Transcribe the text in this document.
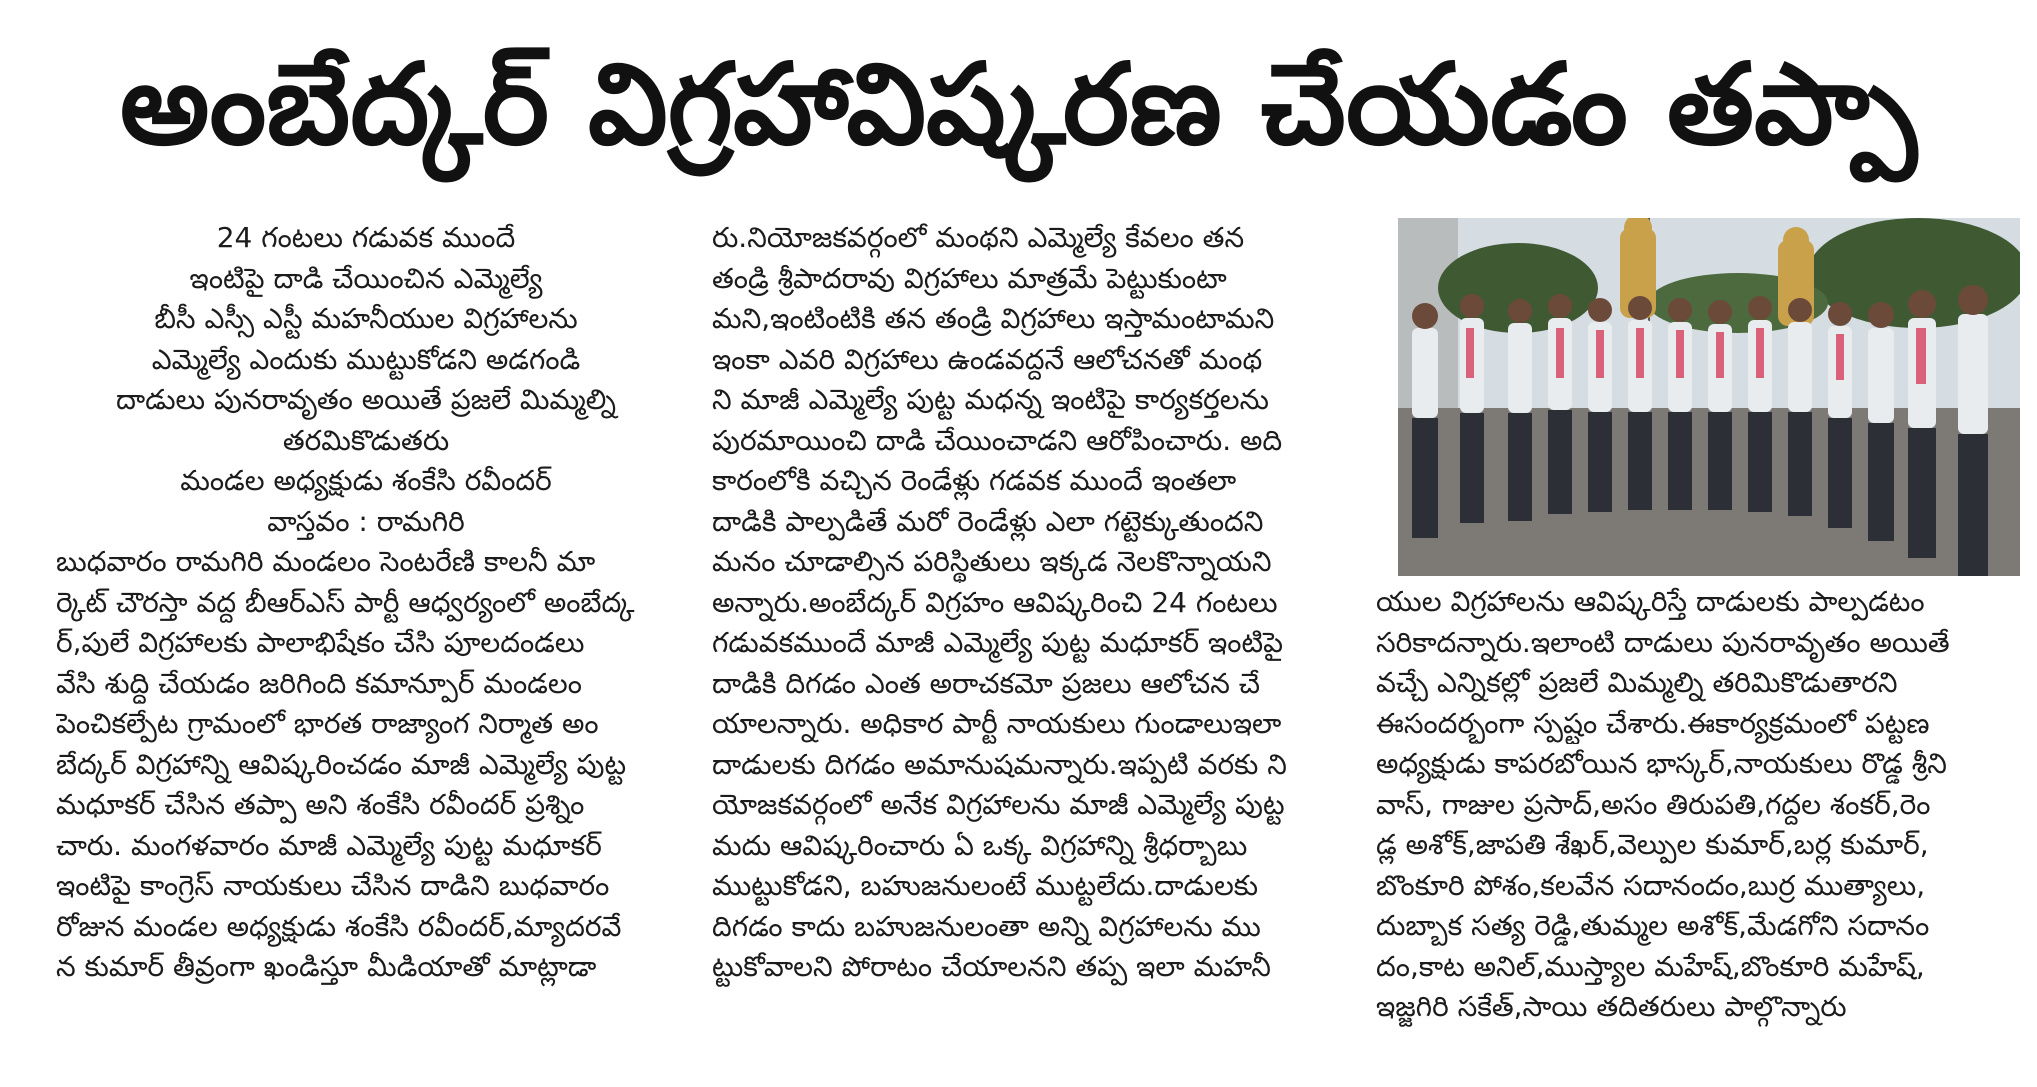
అంబేద్కర్ విగ్రహావిష్కరణ చేయడం తప్పా
24 గంటలు గడువక ముందే
ఇంటిపై దాడి చేయించిన ఎమ్మెల్యే
బీసీ ఎస్సీ ఎస్టీ మహనీయుల విగ్రహాలను
ఎమ్మెల్యే ఎందుకు ముట్టుకోడని అడగండి
దాడులు పునరావృతం అయితే ప్రజలే మిమ్మల్ని
తరమికొడుతరు
మండల అధ్యక్షుడు శంకేసి రవీందర్
వాస్తవం : రామగిరి
బుధవారం రామగిరి మండలం సెంటరేణి కాలనీ మా
ర్కెట్ చౌరస్తా వద్ద బీఆర్ఎస్ పార్టీ ఆధ్వర్యంలో అంబేద్క
ర్,పులే విగ్రహాలకు పాలాభిషేకం చేసి పూలదండలు
వేసి శుద్ధి చేయడం జరిగింది కమాన్పూర్ మండలం
పెంచికల్పేట గ్రామంలో భారత రాజ్యాంగ నిర్మాత అం
బేద్కర్ విగ్రహాన్ని ఆవిష్కరించడం మాజీ ఎమ్మెల్యే పుట్ట
మధూకర్ చేసిన తప్పా అని శంకేసి రవీందర్ ప్రశ్నిం
చారు. మంగళవారం మాజీ ఎమ్మెల్యే పుట్ట మధూకర్
ఇంటిపై కాంగ్రెస్ నాయకులు చేసిన దాడిని బుధవారం
రోజున మండల అధ్యక్షుడు శంకేసి రవీందర్,మ్యాదరవే
న కుమార్ తీవ్రంగా ఖండిస్తూ మీడియాతో మాట్లాడా
రు.నియోజకవర్గంలో మంథని ఎమ్మెల్యే కేవలం తన
తండ్రి శ్రీపాదరావు విగ్రహాలు మాత్రమే పెట్టుకుంటా
మని,ఇంటింటికి తన తండ్రి విగ్రహాలు ఇస్తామంటామని
ఇంకా ఎవరి విగ్రహాలు ఉండవద్దనే ఆలోచనతో మంథ
ని మాజీ ఎమ్మెల్యే పుట్ట మధన్న ఇంటిపై కార్యకర్తలను
పురమాయించి దాడి చేయించాడని ఆరోపించారు. అది
కారంలోకి వచ్చిన రెండేళ్లు గడవక ముందే ఇంతలా
దాడికి పాల్పడితే మరో రెండేళ్లు ఎలా గట్టెక్కుతుందని
మనం చూడాల్సిన పరిస్థితులు ఇక్కడ నెలకొన్నాయని
అన్నారు.అంబేద్కర్ విగ్రహం ఆవిష్కరించి 24 గంటలు
గడువకముందే మాజీ ఎమ్మెల్యే పుట్ట మధూకర్ ఇంటిపై
దాడికి దిగడం ఎంత అరాచకమో ప్రజలు ఆలోచన చే
యాలన్నారు. అధికార పార్టీ నాయకులు గుండాలుఇలా
దాడులకు దిగడం అమానుషమన్నారు.ఇప్పటి వరకు ని
యోజకవర్గంలో అనేక విగ్రహాలను మాజీ ఎమ్మెల్యే పుట్ట
మదు ఆవిష్కరించారు ఏ ఒక్క విగ్రహాన్ని శ్రీధర్బాబు
ముట్టుకోడని, బహుజనులంటే ముట్టలేదు.దాడులకు
దిగడం కాదు బహుజనులంతా అన్ని విగ్రహాలను ము
ట్టుకోవాలని పోరాటం చేయాలనని తప్ప ఇలా మహనీ
యుల విగ్రహాలను ఆవిష్కరిస్తే దాడులకు పాల్పడటం
సరికాదన్నారు.ఇలాంటి దాడులు పునరావృతం అయితే
వచ్చే ఎన్నికల్లో ప్రజలే మిమ్మల్ని తరిమికొడుతారని
ఈసందర్భంగా స్పష్టం చేశారు.ఈకార్యక్రమంలో పట్టణ
అధ్యక్షుడు కాపరబోయిన భాస్కర్,నాయకులు రొడ్డ శ్రీని
వాస్, గాజుల ప్రసాద్,అసం తిరుపతి,గద్దల శంకర్,రెం
డ్ల అశోక్,జాపతి శేఖర్,వెల్పుల కుమార్,బర్ల కుమార్,
బొంకూరి పోశం,కలవేన సదానందం,బుర్ర ముత్యాలు,
దుబ్బాక సత్య రెడ్డి,తుమ్మల అశోక్,మేడగోని సదానం
దం,కాట అనిల్,ముస్త్యాల మహేష్,బొంకూరి మహేష్,
ఇజ్జగిరి సకేత్,సాయి తదితరులు పాల్గొన్నారు
